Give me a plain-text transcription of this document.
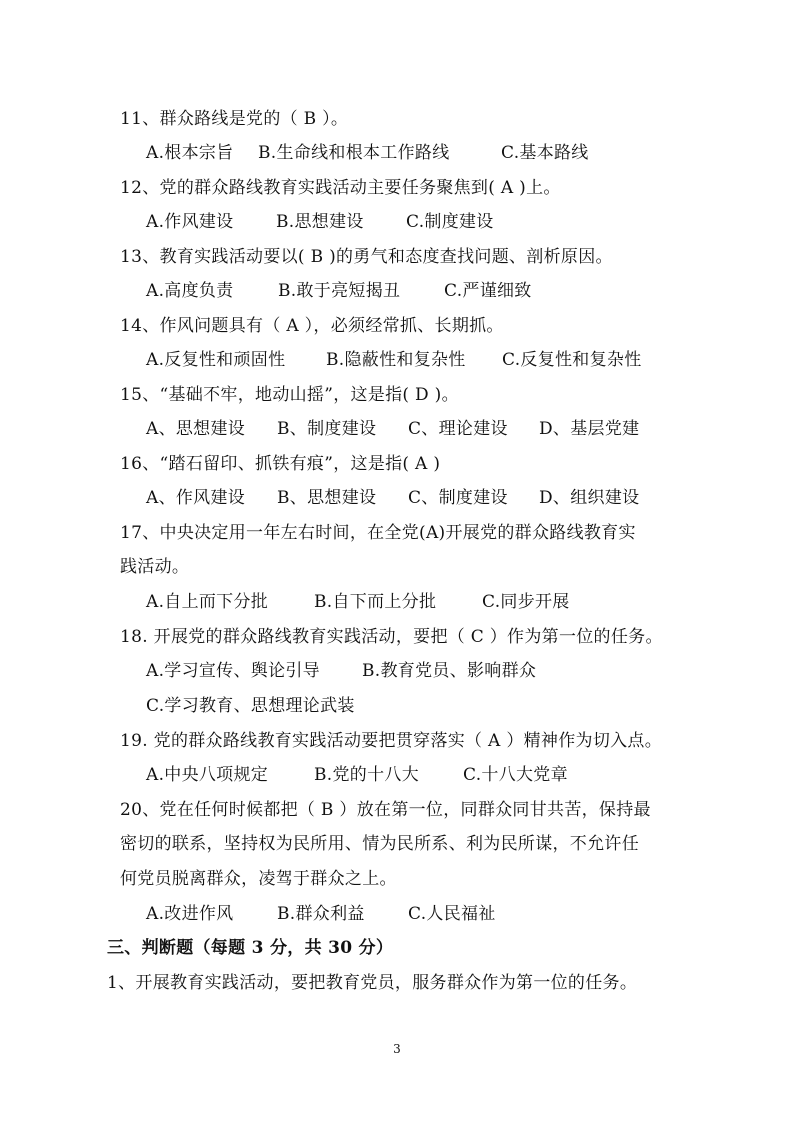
11、群众路线是党的（ B ）。
A.根本宗旨 B.生命线和根本工作路线	C.基本路线
12、党的群众路线教育实践活动主要任务聚焦到( A )上。
A.作风建设	B.思想建设 C.制度建设
13、教育实践活动要以( B )的勇气和态度查找问题、剖析原因。
A.高度负责	B.敢于亮短揭丑	C.严谨细致
14、作风问题具有（ A ），必须经常抓、长期抓。
A.反复性和顽固性 B.隐蔽性和复杂性 C.反复性和复杂性
15、“基础不牢，地动山摇”，这是指( D )。
A、思想建设 B、制度建设 C、理论建设 D、基层党建
16、“踏石留印、抓铁有痕”，这是指( A )
A、作风建设 B、思想建设 C、制度建设 D、组织建设
17、中央决定用一年左右时间，在全党(A)开展党的群众路线教育实
践活动。
A.自上而下分批	B.自下而上分批	C.同步开展
18. 开展党的群众路线教育实践活动，要把（ C ）作为第一位的任务。
A.学习宣传、舆论引导 B.教育党员、影响群众
C.学习教育、思想理论武装
19. 党的群众路线教育实践活动要把贯穿落实（ A ）精神作为切入点。
A.中央八项规定	B.党的十八大	C.十八大党章
20、党在任何时候都把（ B ）放在第一位，同群众同甘共苦，保持最
密切的联系，坚持权为民所用、情为民所系、利为民所谋，不允许任
何党员脱离群众，凌驾于群众之上。
A.改进作风	B.群众利益	C.人民福祉
三、判断题（每题 3 分，共 30 分）
1、开展教育实践活动，要把教育党员，服务群众作为第一位的任务。
3
